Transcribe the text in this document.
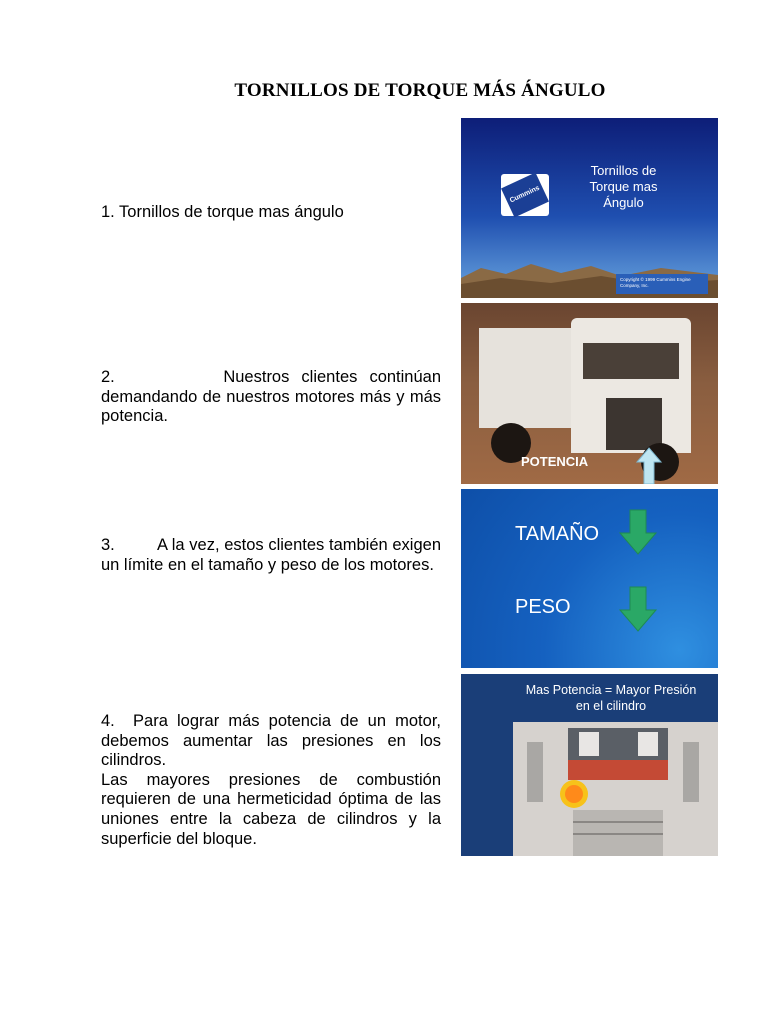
TORNILLOS DE TORQUE MÁS ÁNGULO

1. Tornillos de torque mas ángulo

2.         Nuestros clientes continúan demandando de nuestros motores más y más potencia.

3.         A la vez, estos clientes también exigen un límite en el tamaño y peso de los motores.

4.  Para lograr más potencia de un motor, debemos aumentar las presiones en los cilindros.

Las mayores presiones de combustión requieren de una hermeticidad óptima de las uniones entre la cabeza de cilindros y la superficie del bloque.

Cummins
Tornillos de Torque mas Ángulo
Copyright © 1999 Cummins Engine Company, Inc.
POTENCIA
TAMAÑO
PESO
Mas Potencia = Mayor Presión en el cilindro
